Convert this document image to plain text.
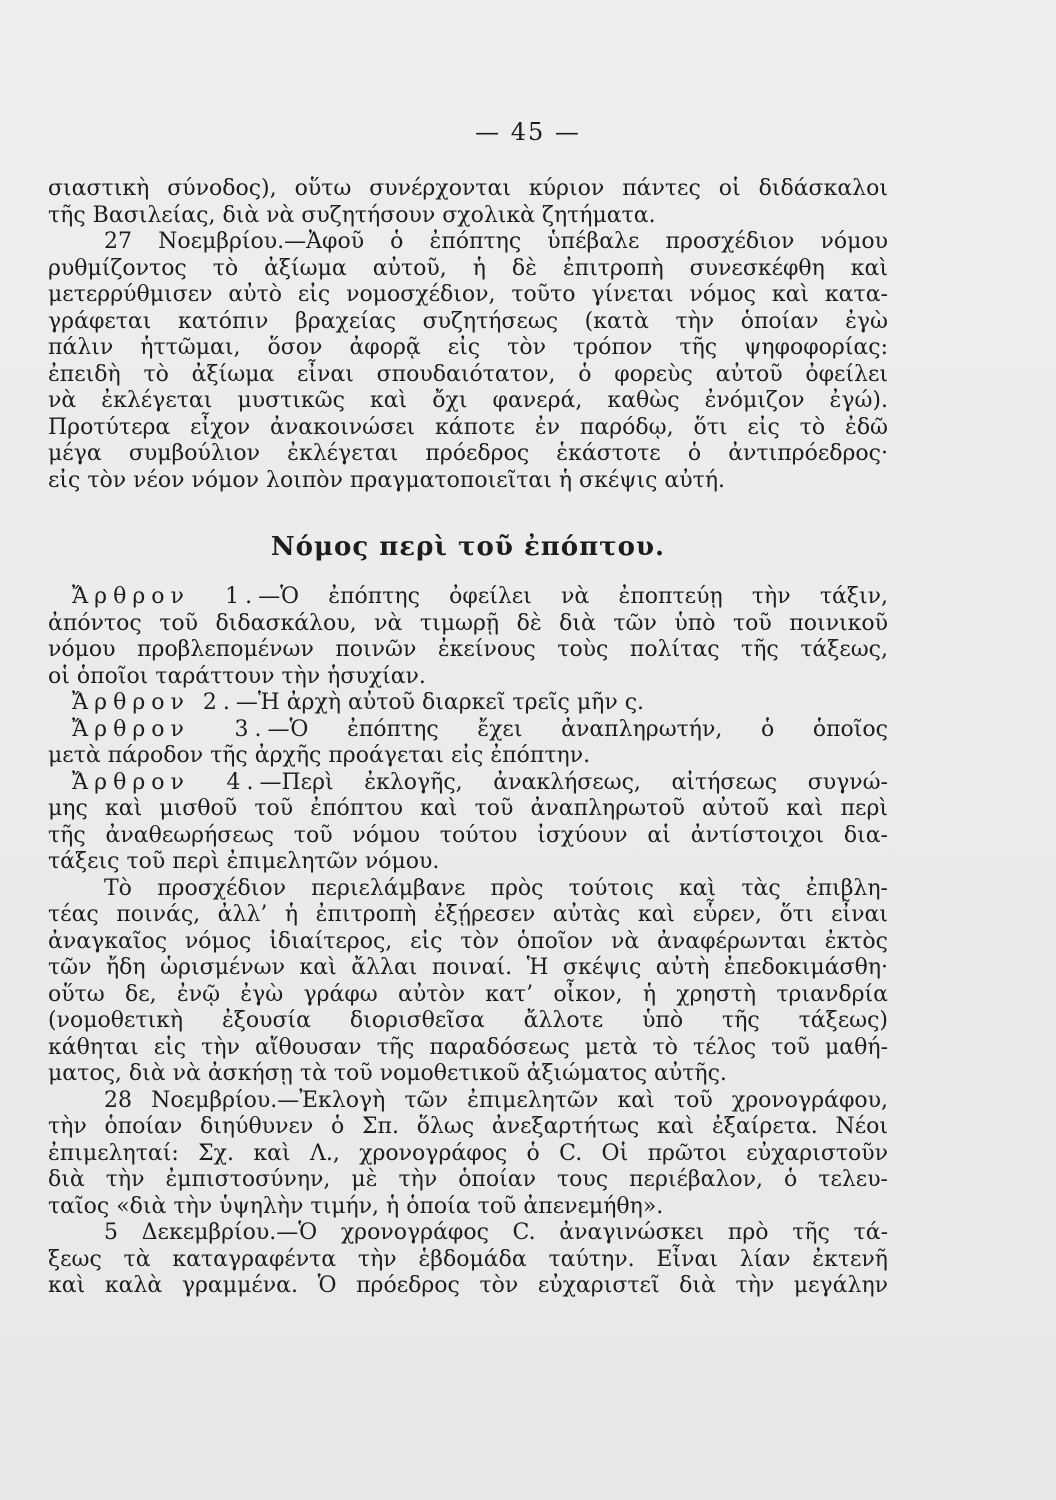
— 45 —
σιαστικὴ σύνοδος), οὕτω συνέρχονται κύριον πάντες οἱ διδάσκαλοι
τῆς Βασιλείας, διὰ νὰ συζητήσουν σχολικὰ ζητήματα.
27 Νοεμβρίου.—Ἀφοῦ ὁ ἐπόπτης ὑπέβαλε προσχέδιον νόμου
ρυθμίζοντος τὸ ἀξίωμα αὐτοῦ, ἡ δὲ ἐπιτροπὴ συνεσκέφθη καὶ
μετερρύθμισεν αὐτὸ εἰς νομοσχέδιον, τοῦτο γίνεται νόμος καὶ κατα-
γράφεται κατόπιν βραχείας συζητήσεως (κατὰ τὴν ὁποίαν ἐγὼ
πάλιν ἡττῶμαι, ὅσον ἀφορᾷ εἰς τὸν τρόπον τῆς ψηφοφορίας:
ἐπειδὴ τὸ ἀξίωμα εἶναι σπουδαιότατον, ὁ φορεὺς αὐτοῦ ὀφείλει
νὰ ἐκλέγεται μυστικῶς καὶ ὄχι φανερά, καθὼς ἐνόμιζον ἐγώ).
Προτύτερα εἶχον ἀνακοινώσει κάποτε ἐν παρόδῳ, ὅτι εἰς τὸ ἐδῶ
μέγα συμβούλιον ἐκλέγεται πρόεδρος ἑκάστοτε ὁ ἀντιπρόεδρος·
εἰς τὸν νέον νόμον λοιπὸν πραγματοποιεῖται ἡ σκέψις αὐτή.
Νόμος περὶ τοῦ ἐπόπτου.
Ἄρθρον 1.—Ὁ ἐπόπτης ὀφείλει νὰ ἐποπτεύῃ τὴν τάξιν,
ἀπόντος τοῦ διδασκάλου, νὰ τιμωρῇ δὲ διὰ τῶν ὑπὸ τοῦ ποινικοῦ
νόμου προβλεπομένων ποινῶν ἐκείνους τοὺς πολίτας τῆς τάξεως,
οἱ ὁποῖοι ταράττουν τὴν ἡσυχίαν.
Ἄρθρον 2.—Ἡ ἀρχὴ αὐτοῦ διαρκεῖ τρεῖς μῆν ς.
Ἄρθρον 3.—Ὁ ἐπόπτης ἔχει ἀναπληρωτήν, ὁ ὁποῖος
μετὰ πάροδον τῆς ἀρχῆς προάγεται εἰς ἐπόπτην.
Ἄρθρον 4.—Περὶ ἐκλογῆς, ἀνακλήσεως, αἰτήσεως συγνώ-
μης καὶ μισθοῦ τοῦ ἐπόπτου καὶ τοῦ ἀναπληρωτοῦ αὐτοῦ καὶ περὶ
τῆς ἀναθεωρήσεως τοῦ νόμου τούτου ἰσχύουν αἱ ἀντίστοιχοι δια-
τάξεις τοῦ περὶ ἐπιμελητῶν νόμου.
Τὸ προσχέδιον περιελάμβανε πρὸς τούτοις καὶ τὰς ἐπιβλη-
τέας ποινάς, ἀλλ’ ἡ ἐπιτροπὴ ἐξῄρεσεν αὐτὰς καὶ εὗρεν, ὅτι εἶναι
ἀναγκαῖος νόμος ἰδιαίτερος, εἰς τὸν ὁποῖον νὰ ἀναφέρωνται ἐκτὸς
τῶν ἤδη ὡρισμένων καὶ ἄλλαι ποιναί. Ἡ σκέψις αὐτὴ ἐπεδοκιμάσθη·
οὕτω δε, ἐνῷ ἐγὼ γράφω αὐτὸν κατ’ οἶκον, ἡ χρηστὴ τριανδρία
(νομοθετικὴ ἐξουσία διορισθεῖσα ἄλλοτε ὑπὸ τῆς τάξεως)
κάθηται εἰς τὴν αἴθουσαν τῆς παραδόσεως μετὰ τὸ τέλος τοῦ μαθή-
ματος, διὰ νὰ ἀσκήσῃ τὰ τοῦ νομοθετικοῦ ἀξιώματος αὐτῆς.
28 Νοεμβρίου.—Ἐκλογὴ τῶν ἐπιμελητῶν καὶ τοῦ χρονογράφου,
τὴν ὁποίαν διηύθυνεν ὁ Σπ. ὅλως ἀνεξαρτήτως καὶ ἐξαίρετα. Νέοι
ἐπιμεληταί: Σχ. καὶ Λ., χρονογράφος ὁ C. Οἱ πρῶτοι εὐχαριστοῦν
διὰ τὴν ἐμπιστοσύνην, μὲ τὴν ὁποίαν τους περιέβαλον, ὁ τελευ-
ταῖος «διὰ τὴν ὑψηλὴν τιμήν, ἡ ὁποία τοῦ ἀπενεμήθη».
5 Δεκεμβρίου.—Ὁ χρονογράφος C. ἀναγινώσκει πρὸ τῆς τά-
ξεως τὰ καταγραφέντα τὴν ἑβδομάδα ταύτην. Εἶναι λίαν ἐκτενῆ
καὶ καλὰ γραμμένα. Ὁ πρόεδρος τὸν εὐχαριστεῖ διὰ τὴν μεγάλην
